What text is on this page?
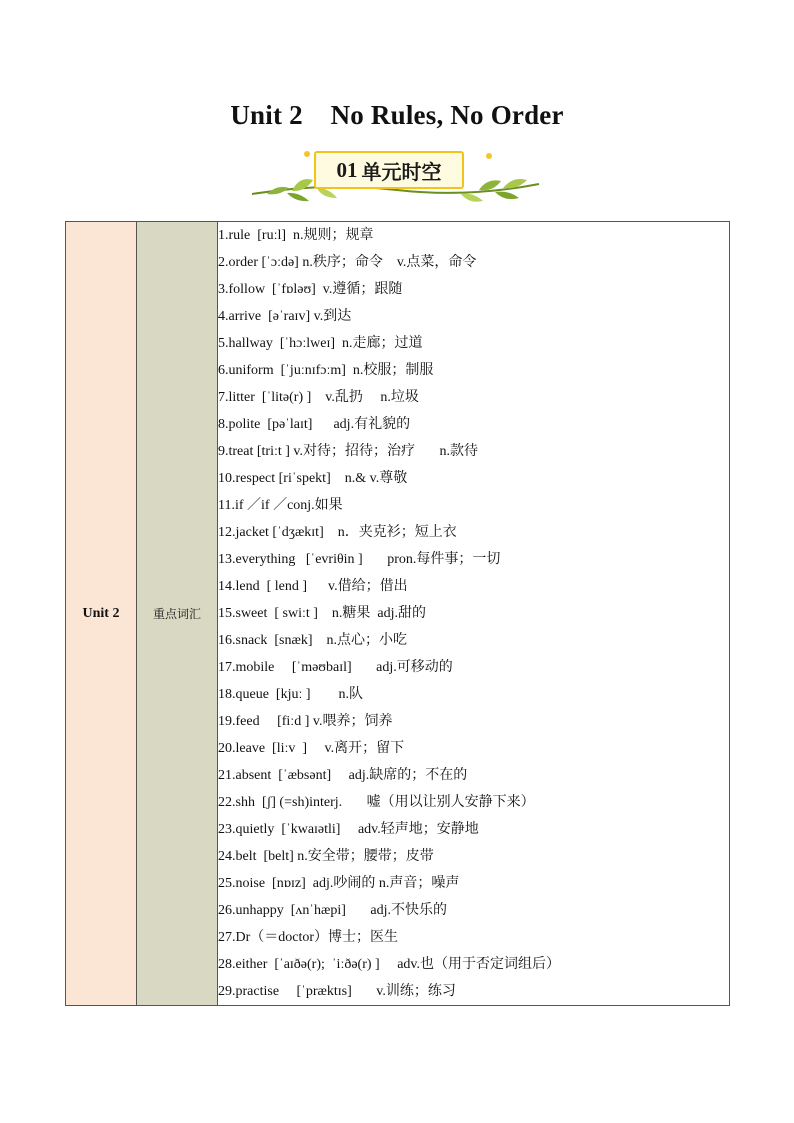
Unit 2    No Rules, No Order
01 单元时空
Unit 2	重点词汇	
1.rule  [ruːl]  n.规则；规章
2.order [ˈɔːdə] n.秩序；命令    v.点菜，命令
3.follow  [ˈfɒləʊ]  v.遵循；跟随
4.arrive  [əˈraɪv] v.到达
5.hallway  [ˈhɔːlweɪ]  n.走廊；过道
6.uniform  [ˈjuːnɪfɔːm]  n.校服；制服
7.litter  [ˈlitə(r) ]    v.乱扔     n.垃圾
8.polite  [pəˈlaɪt]      adj.有礼貌的
9.treat [triːt ] v.对待；招待；治疗       n.款待
10.respect [riˈspekt]    n.& v.尊敬
11.if ／if ／conj.如果
12.jacket [ˈdʒækɪt]    n．夹克衫；短上衣
13.everything   [ˈevriθin ]       pron.每件事；一切
14.lend  [ lend ]      v.借给；借出
15.sweet  [ swiːt ]    n.糖果  adj.甜的
16.snack  [snæk]    n.点心；小吃
17.mobile     [ˈməʊbaɪl]       adj.可移动的
18.queue  [kjuː ]        n.队
19.feed     [fiːd ] v.喂养；饲养
20.leave  [liːv  ]     v.离开；留下
21.absent  [ˈæbsənt]     adj.缺席的；不在的
22.shh  [ʃ] (=sh)interj.       嘘（用以让别人安静下来）
23.quietly  [ˈkwaɪətli]     adv.轻声地；安静地
24.belt  [belt] n.安全带；腰带；皮带
25.noise  [nɒɪz]  adj.吵闹的 n.声音；噪声
26.unhappy  [ʌnˈhæpi]       adj.不快乐的
27.Dr（＝doctor）博士；医生
28.either  [ˈaɪðə(r);  ˈiːðə(r) ]     adv.也（用于否定词组后）
29.practise     [ˈpræktɪs]       v.训练；练习
